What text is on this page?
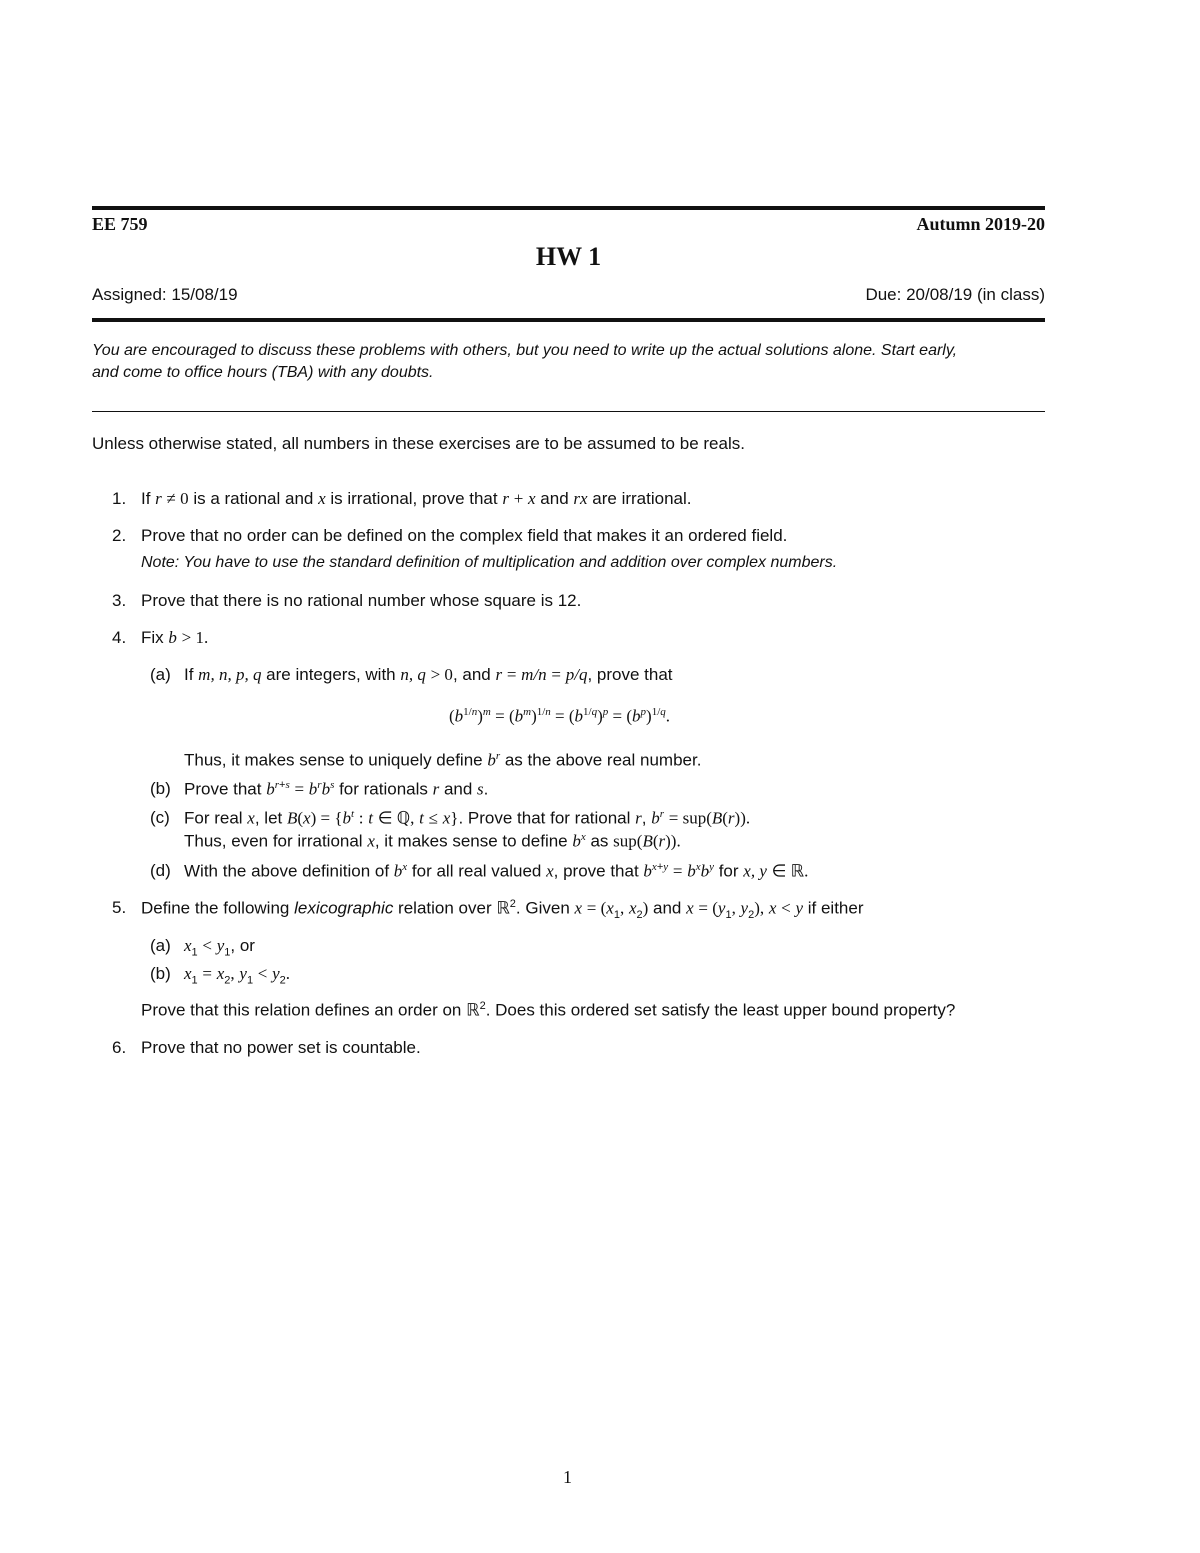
EE 759	Autumn 2019-20
HW 1
Assigned: 15/08/19	Due: 20/08/19 (in class)
You are encouraged to discuss these problems with others, but you need to write up the actual solutions alone. Start early,
and come to office hours (TBA) with any doubts.
Unless otherwise stated, all numbers in these exercises are to be assumed to be reals.
1. If r ≠ 0 is a rational and x is irrational, prove that r + x and rx are irrational.
2. Prove that no order can be defined on the complex field that makes it an ordered field.
Note: You have to use the standard definition of multiplication and addition over complex numbers.
3. Prove that there is no rational number whose square is 12.
4. Fix b > 1.
(a) If m, n, p, q are integers, with n, q > 0, and r = m/n = p/q, prove that
$(b^{1/n})^m = (b^m)^{1/n} = (b^{1/q})^p = (b^p)^{1/q}$.
Thus, it makes sense to uniquely define $b^r$ as the above real number.
(b) Prove that $b^{r+s} = b^rb^s$ for rationals r and s.
(c) For real x, let $B(x) = \{b^t$ : t ∈ ℚ, t ≤ x}. Prove that for rational r, $b^r = sup(B(r))$.
Thus, even for irrational x, it makes sense to define $b^x$ as sup(B(r)).
(d) With the above definition of $b^x$ for all real valued x, prove that $b^{x+y} = b^xb^y$ for x, y ∈ ℝ.
5. Define the following lexicographic relation over ℝ$^2$. Given $x = (x_1$, $x_2$) and $x = (y_1$, $y_2$), x < y if either
(a) $x_1 < y_1$, or
(b) $x_1 = x_2$, $y_1 < y_2$.
Prove that this relation defines an order on ℝ$^2$. Does this ordered set satisfy the least upper bound property?
6. Prove that no power set is countable.
1
